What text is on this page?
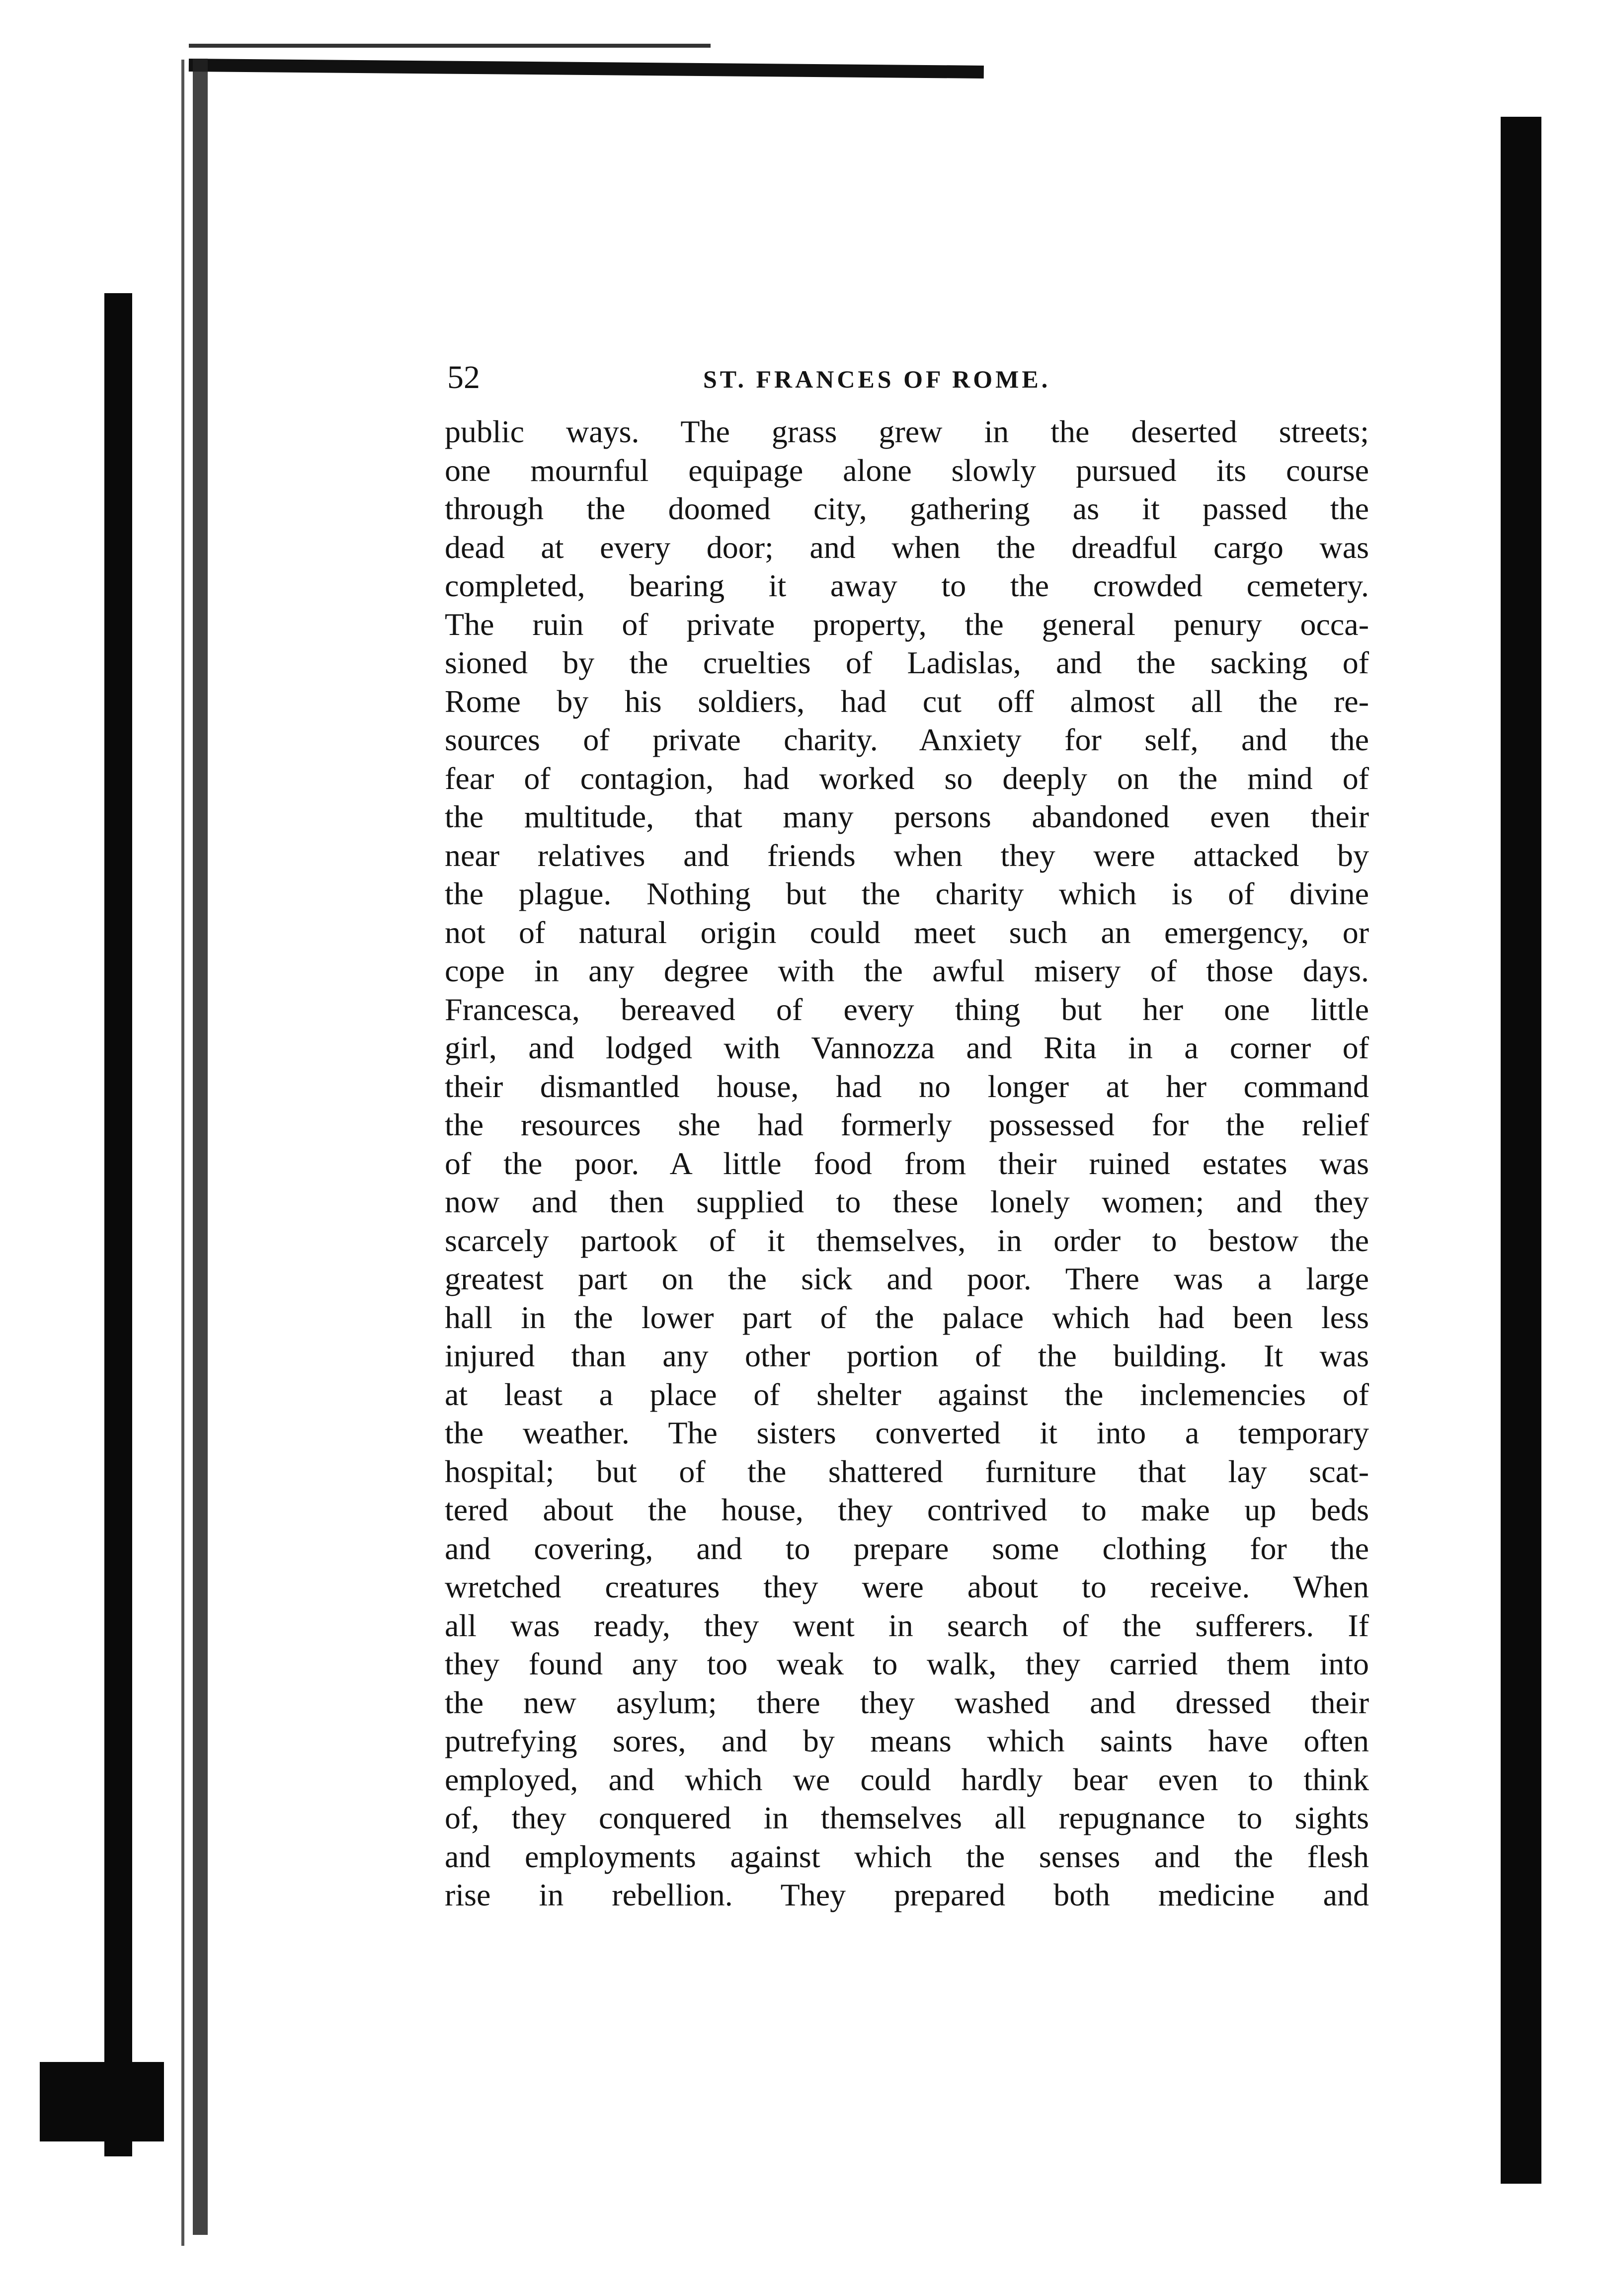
52	ST. FRANCES OF ROME.
public ways. The grass grew in the deserted streets;
one mournful equipage alone slowly pursued its course
through the doomed city, gathering as it passed the
dead at every door; and when the dreadful cargo was
completed, bearing it away to the crowded cemetery.
The ruin of private property, the general penury occa-
sioned by the cruelties of Ladislas, and the sacking of
Rome by his soldiers, had cut off almost all the re-
sources of private charity. Anxiety for self, and the
fear of contagion, had worked so deeply on the mind of
the multitude, that many persons abandoned even their
near relatives and friends when they were attacked by
the plague. Nothing but the charity which is of divine
not of natural origin could meet such an emergency, or
cope in any degree with the awful misery of those days.
Francesca, bereaved of every thing but her one little
girl, and lodged with Vannozza and Rita in a corner of
their dismantled house, had no longer at her command
the resources she had formerly possessed for the relief
of the poor. A little food from their ruined estates was
now and then supplied to these lonely women; and they
scarcely partook of it themselves, in order to bestow the
greatest part on the sick and poor. There was a large
hall in the lower part of the palace which had been less
injured than any other portion of the building. It was
at least a place of shelter against the inclemencies of
the weather. The sisters converted it into a temporary
hospital; but of the shattered furniture that lay scat-
tered about the house, they contrived to make up beds
and covering, and to prepare some clothing for the
wretched creatures they were about to receive. When
all was ready, they went in search of the sufferers. If
they found any too weak to walk, they carried them into
the new asylum; there they washed and dressed their
putrefying sores, and by means which saints have often
employed, and which we could hardly bear even to think
of, they conquered in themselves all repugnance to sights
and employments against which the senses and the flesh
rise in rebellion. They prepared both medicine and
